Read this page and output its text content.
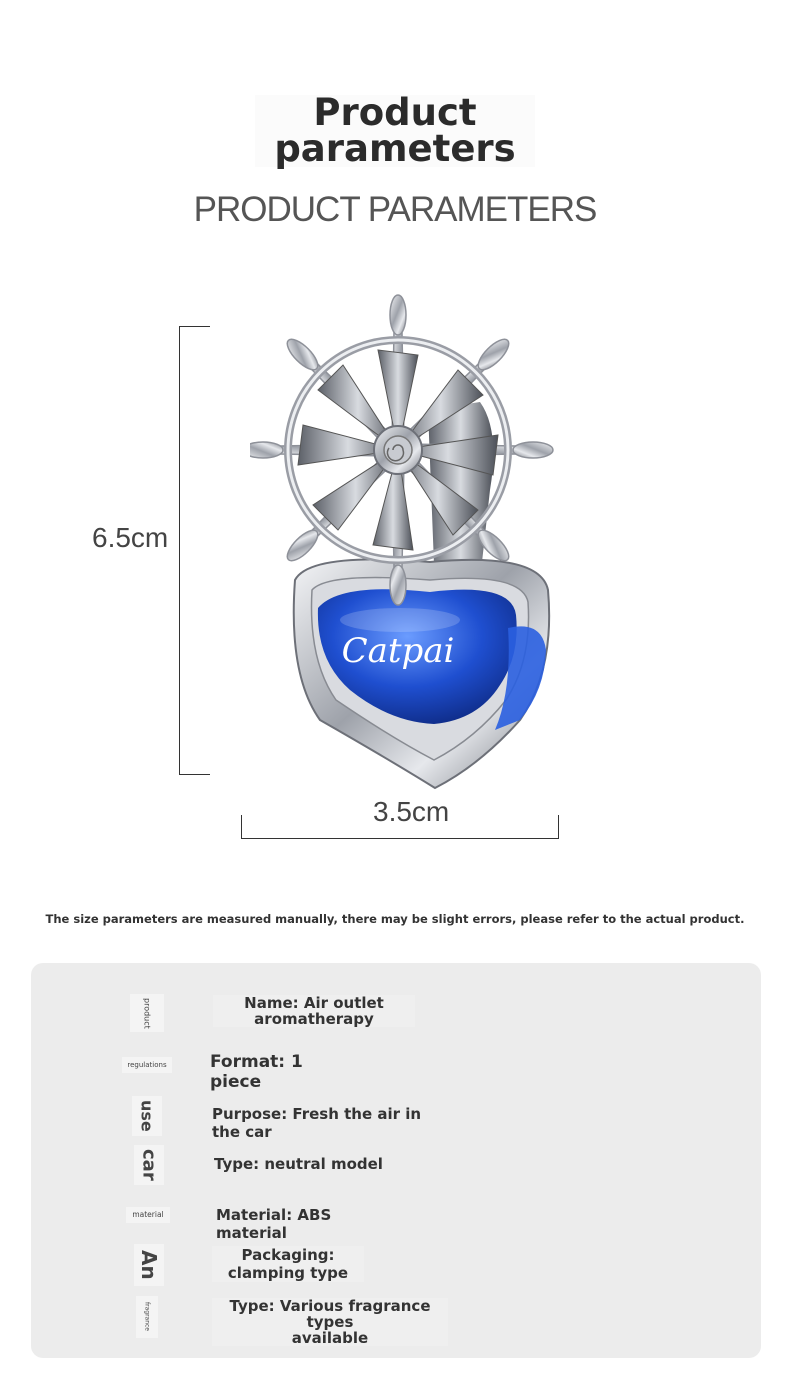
Product
parameters
PRODUCT PARAMETERS
6.5cm
3.5cm
Catpai
The size parameters are measured manually, there may be slight errors, please refer to the actual product.
product	Name: Air outlet
aromatherapy
regulations	Format: 1 piece
use	Purpose: Fresh the air in the car
car	Type: neutral model
material	Material: ABS material
An	Packaging:
clamping type
fragrance	Type: Various fragrance types
available
